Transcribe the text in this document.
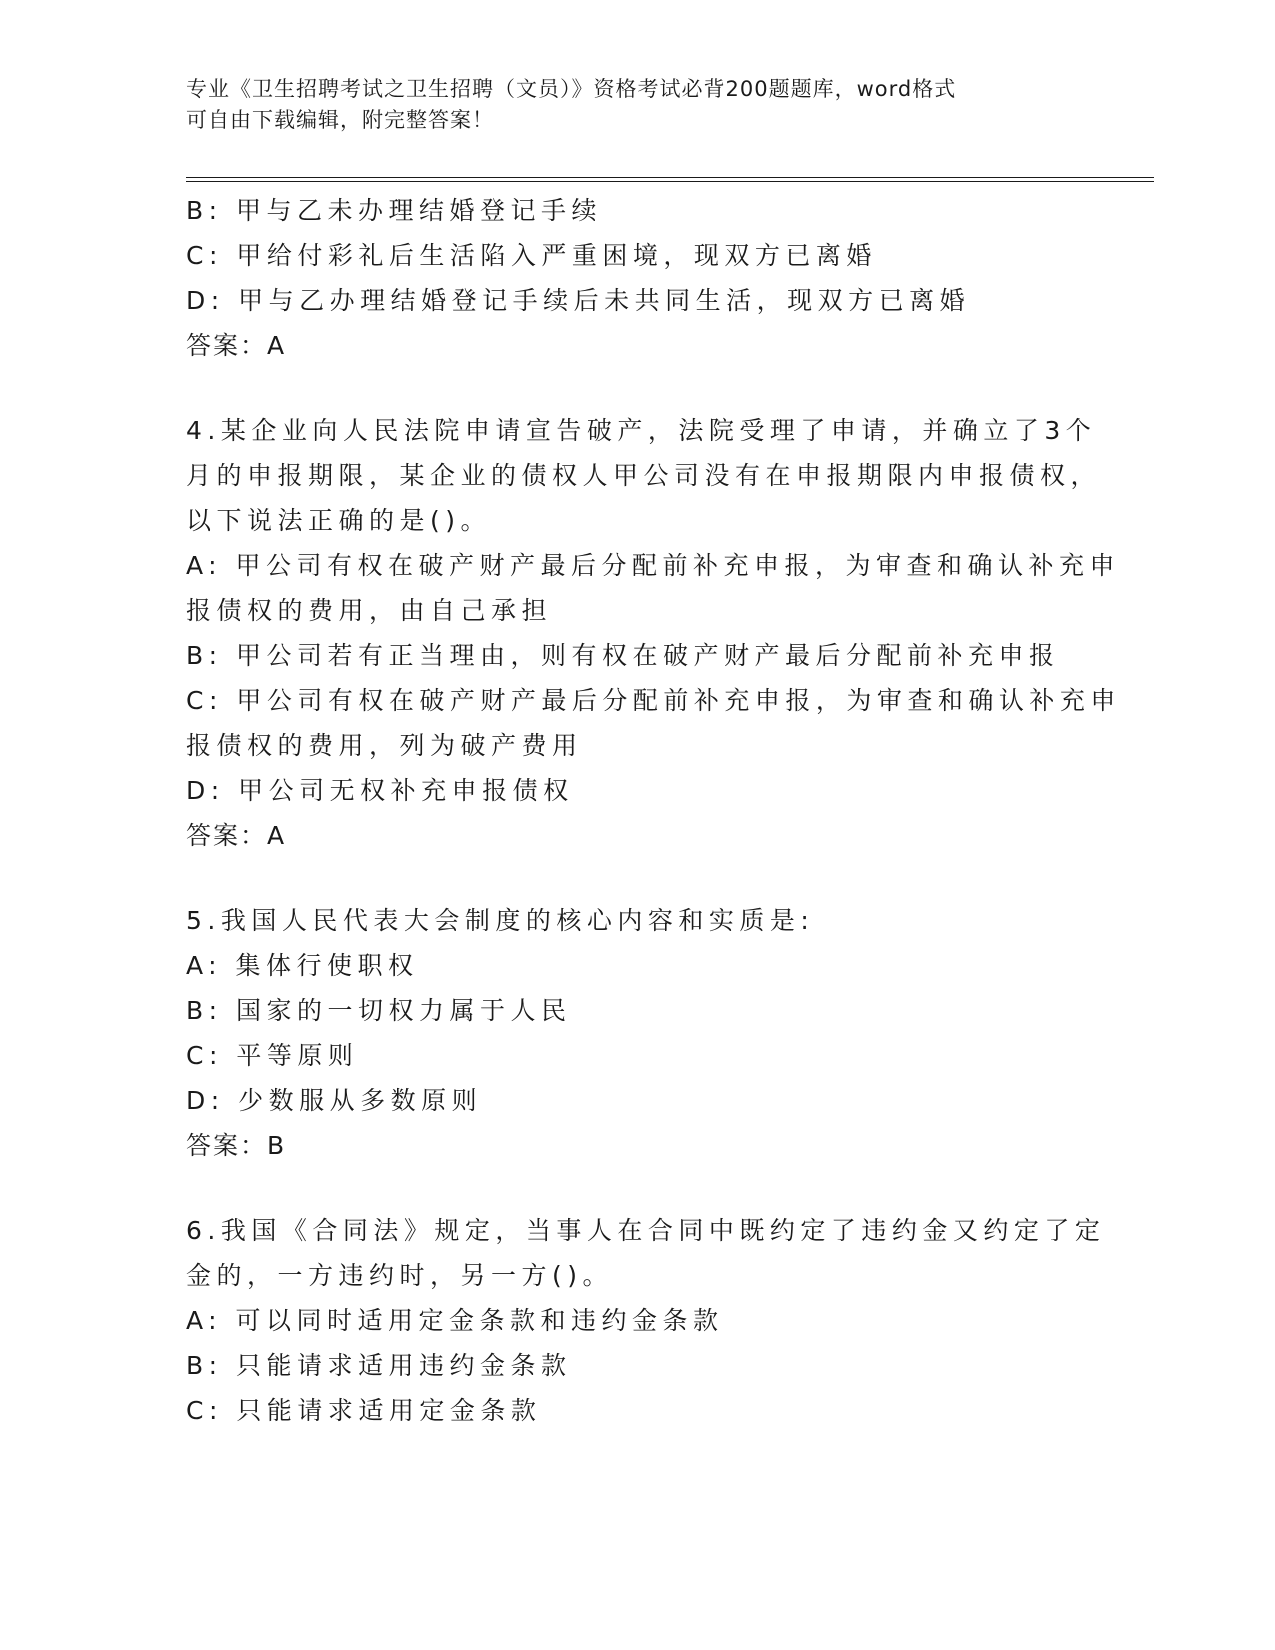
专业《卫生招聘考试之卫生招聘（文员）》资格考试必背200题题库，word格式
可自由下载编辑，附完整答案！
B: 甲与乙未办理结婚登记手续
C: 甲给付彩礼后生活陷入严重困境，现双方已离婚
D: 甲与乙办理结婚登记手续后未共同生活，现双方已离婚
答案：A
4.某企业向人民法院申请宣告破产，法院受理了申请，并确立了3个
月的申报期限，某企业的债权人甲公司没有在申报期限内申报债权，
以下说法正确的是()。
A: 甲公司有权在破产财产最后分配前补充申报，为审查和确认补充申
报债权的费用，由自己承担
B: 甲公司若有正当理由，则有权在破产财产最后分配前补充申报
C: 甲公司有权在破产财产最后分配前补充申报，为审查和确认补充申
报债权的费用，列为破产费用
D: 甲公司无权补充申报债权
答案：A
5.我国人民代表大会制度的核心内容和实质是:
A: 集体行使职权
B: 国家的一切权力属于人民
C: 平等原则
D: 少数服从多数原则
答案：B
6.我国《合同法》规定，当事人在合同中既约定了违约金又约定了定
金的，一方违约时，另一方()。
A: 可以同时适用定金条款和违约金条款
B: 只能请求适用违约金条款
C: 只能请求适用定金条款
